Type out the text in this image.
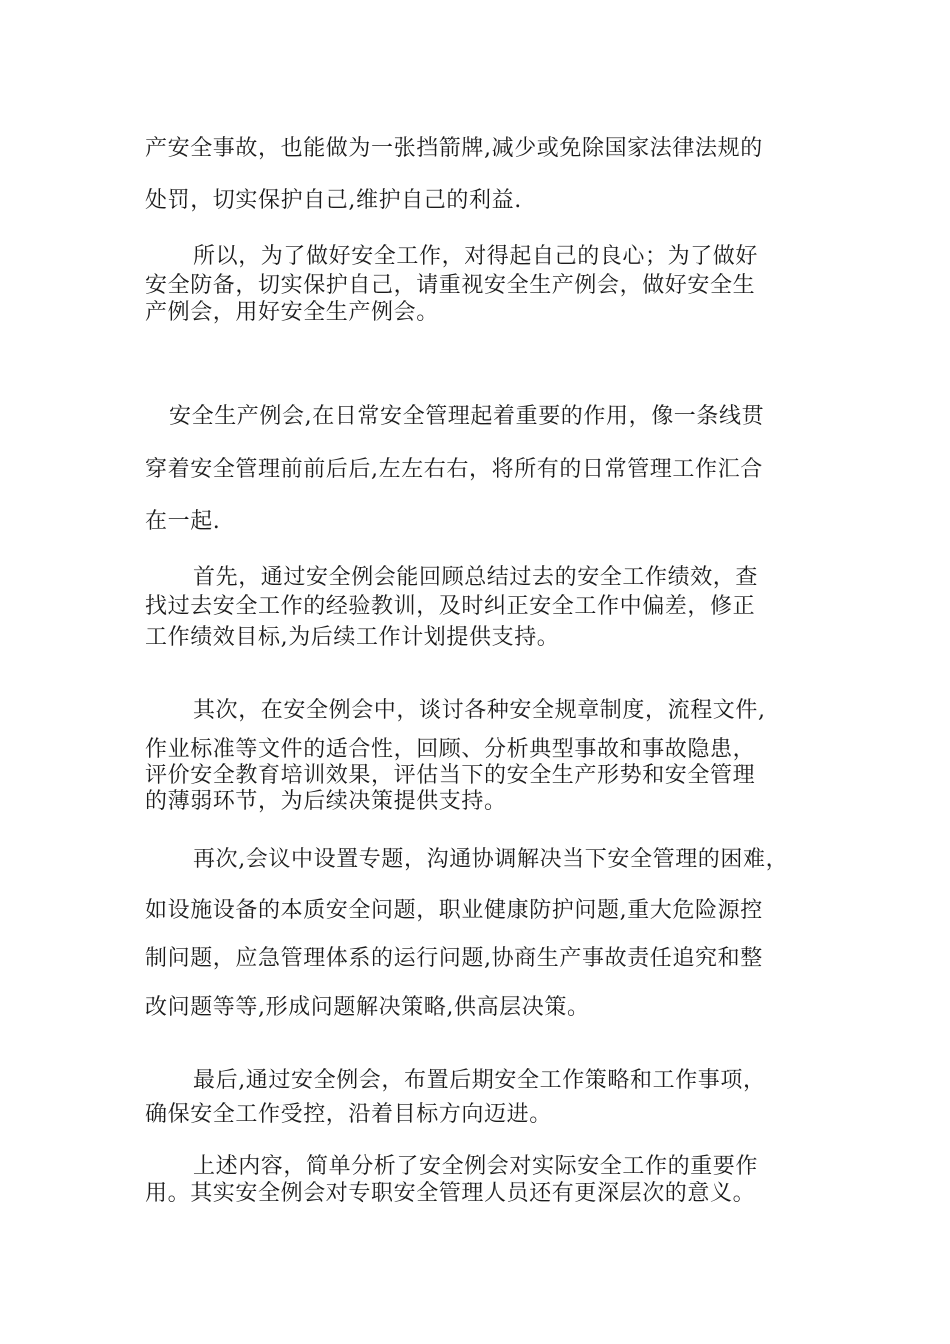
产安全事故，也能做为一张挡箭牌,减少或免除国家法律法规的
处罚，切实保护自己,维护自己的利益.
所以，为了做好安全工作，对得起自己的良心；为了做好
安全防备，切实保护自己，请重视安全生产例会，做好安全生
产例会，用好安全生产例会。
安全生产例会,在日常安全管理起着重要的作用，像一条线贯
穿着安全管理前前后后,左左右右，将所有的日常管理工作汇合
在一起.
首先，通过安全例会能回顾总结过去的安全工作绩效，查
找过去安全工作的经验教训，及时纠正安全工作中偏差，修正
工作绩效目标,为后续工作计划提供支持。
其次，在安全例会中，谈讨各种安全规章制度，流程文件,
作业标准等文件的适合性，回顾、分析典型事故和事故隐患，
评价安全教育培训效果，评估当下的安全生产形势和安全管理
的薄弱环节，为后续决策提供支持。
再次,会议中设置专题，沟通协调解决当下安全管理的困难，
如设施设备的本质安全问题，职业健康防护问题,重大危险源控
制问题，应急管理体系的运行问题,协商生产事故责任追究和整
改问题等等,形成问题解决策略,供高层决策。
最后,通过安全例会，布置后期安全工作策略和工作事项，
确保安全工作受控，沿着目标方向迈进。
上述内容，简单分析了安全例会对实际安全工作的重要作
用。其实安全例会对专职安全管理人员还有更深层次的意义。
